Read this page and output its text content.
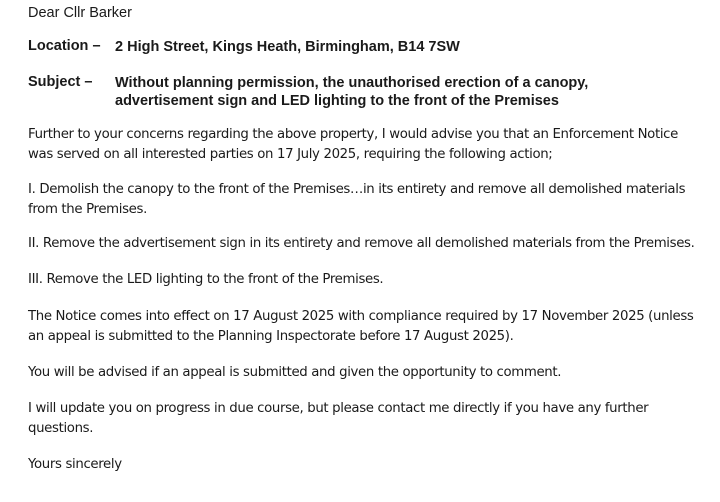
Dear Cllr Barker
Location – 2 High Street, Kings Heath, Birmingham, B14 7SW
Subject – Without planning permission, the unauthorised erection of a canopy,
advertisement sign and LED lighting to the front of the Premises

Further to your concerns regarding the above property, I would advise you that an Enforcement Notice was served on all interested parties on 17 July 2025, requiring the following action;

I. Demolish the canopy to the front of the Premises…in its entirety and remove all demolished materials from the Premises.

II. Remove the advertisement sign in its entirety and remove all demolished materials from the Premises.

III. Remove the LED lighting to the front of the Premises.

The Notice comes into effect on 17 August 2025 with compliance required by 17 November 2025 (unless an appeal is submitted to the Planning Inspectorate before 17 August 2025).

You will be advised if an appeal is submitted and given the opportunity to comment.

I will update you on progress in due course, but please contact me directly if you have any further questions.

Yours sincerely
